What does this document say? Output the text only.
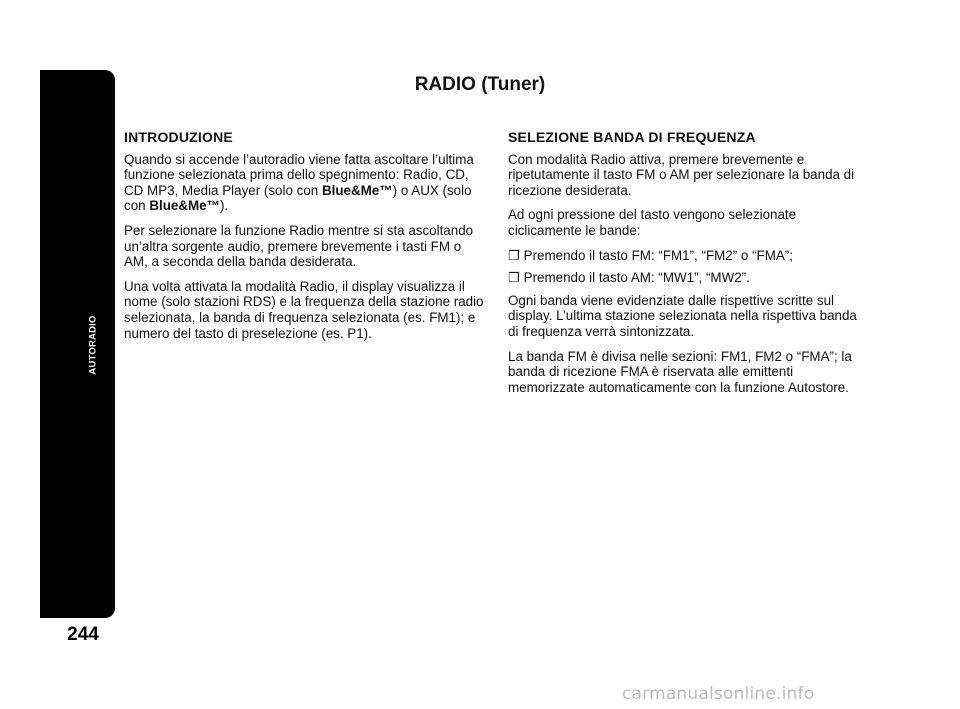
AUTORADIO
244
RADIO (Tuner)
INTRODUZIONE
Quando si accende l’autoradio viene fatta ascoltare l’ultima funzione selezionata prima dello spegnimento: Radio, CD, CD MP3, Media Player (solo con Blue&Me™) o AUX (solo con Blue&Me™).
Per selezionare la funzione Radio mentre si sta ascoltando un’altra sorgente audio, premere brevemente i tasti FM o AM, a seconda della banda desiderata.
Una volta attivata la modalità Radio, il display visualizza il nome (solo stazioni RDS) e la frequenza della stazione radio selezionata, la banda di frequenza selezionata (es. FM1); e numero del tasto di preselezione (es. P1).
SELEZIONE BANDA DI FREQUENZA
Con modalità Radio attiva, premere brevemente e ripetutamente il tasto FM o AM per selezionare la banda di ricezione desiderata.
Ad ogni pressione del tasto vengono selezionate ciclicamente le bande:
❒ Premendo il tasto FM: “FM1”, “FM2” o “FMA”;
❒ Premendo il tasto AM: “MW1”, “MW2”.
Ogni banda viene evidenziate dalle rispettive scritte sul display. L’ultima stazione selezionata nella rispettiva banda di frequenza verrà sintonizzata.
La banda FM è divisa nelle sezioni: FM1, FM2 o “FMA”; la banda di ricezione FMA è riservata alle emittenti memorizzate automaticamente con la funzione Autostore.
carmanualsonline.info
